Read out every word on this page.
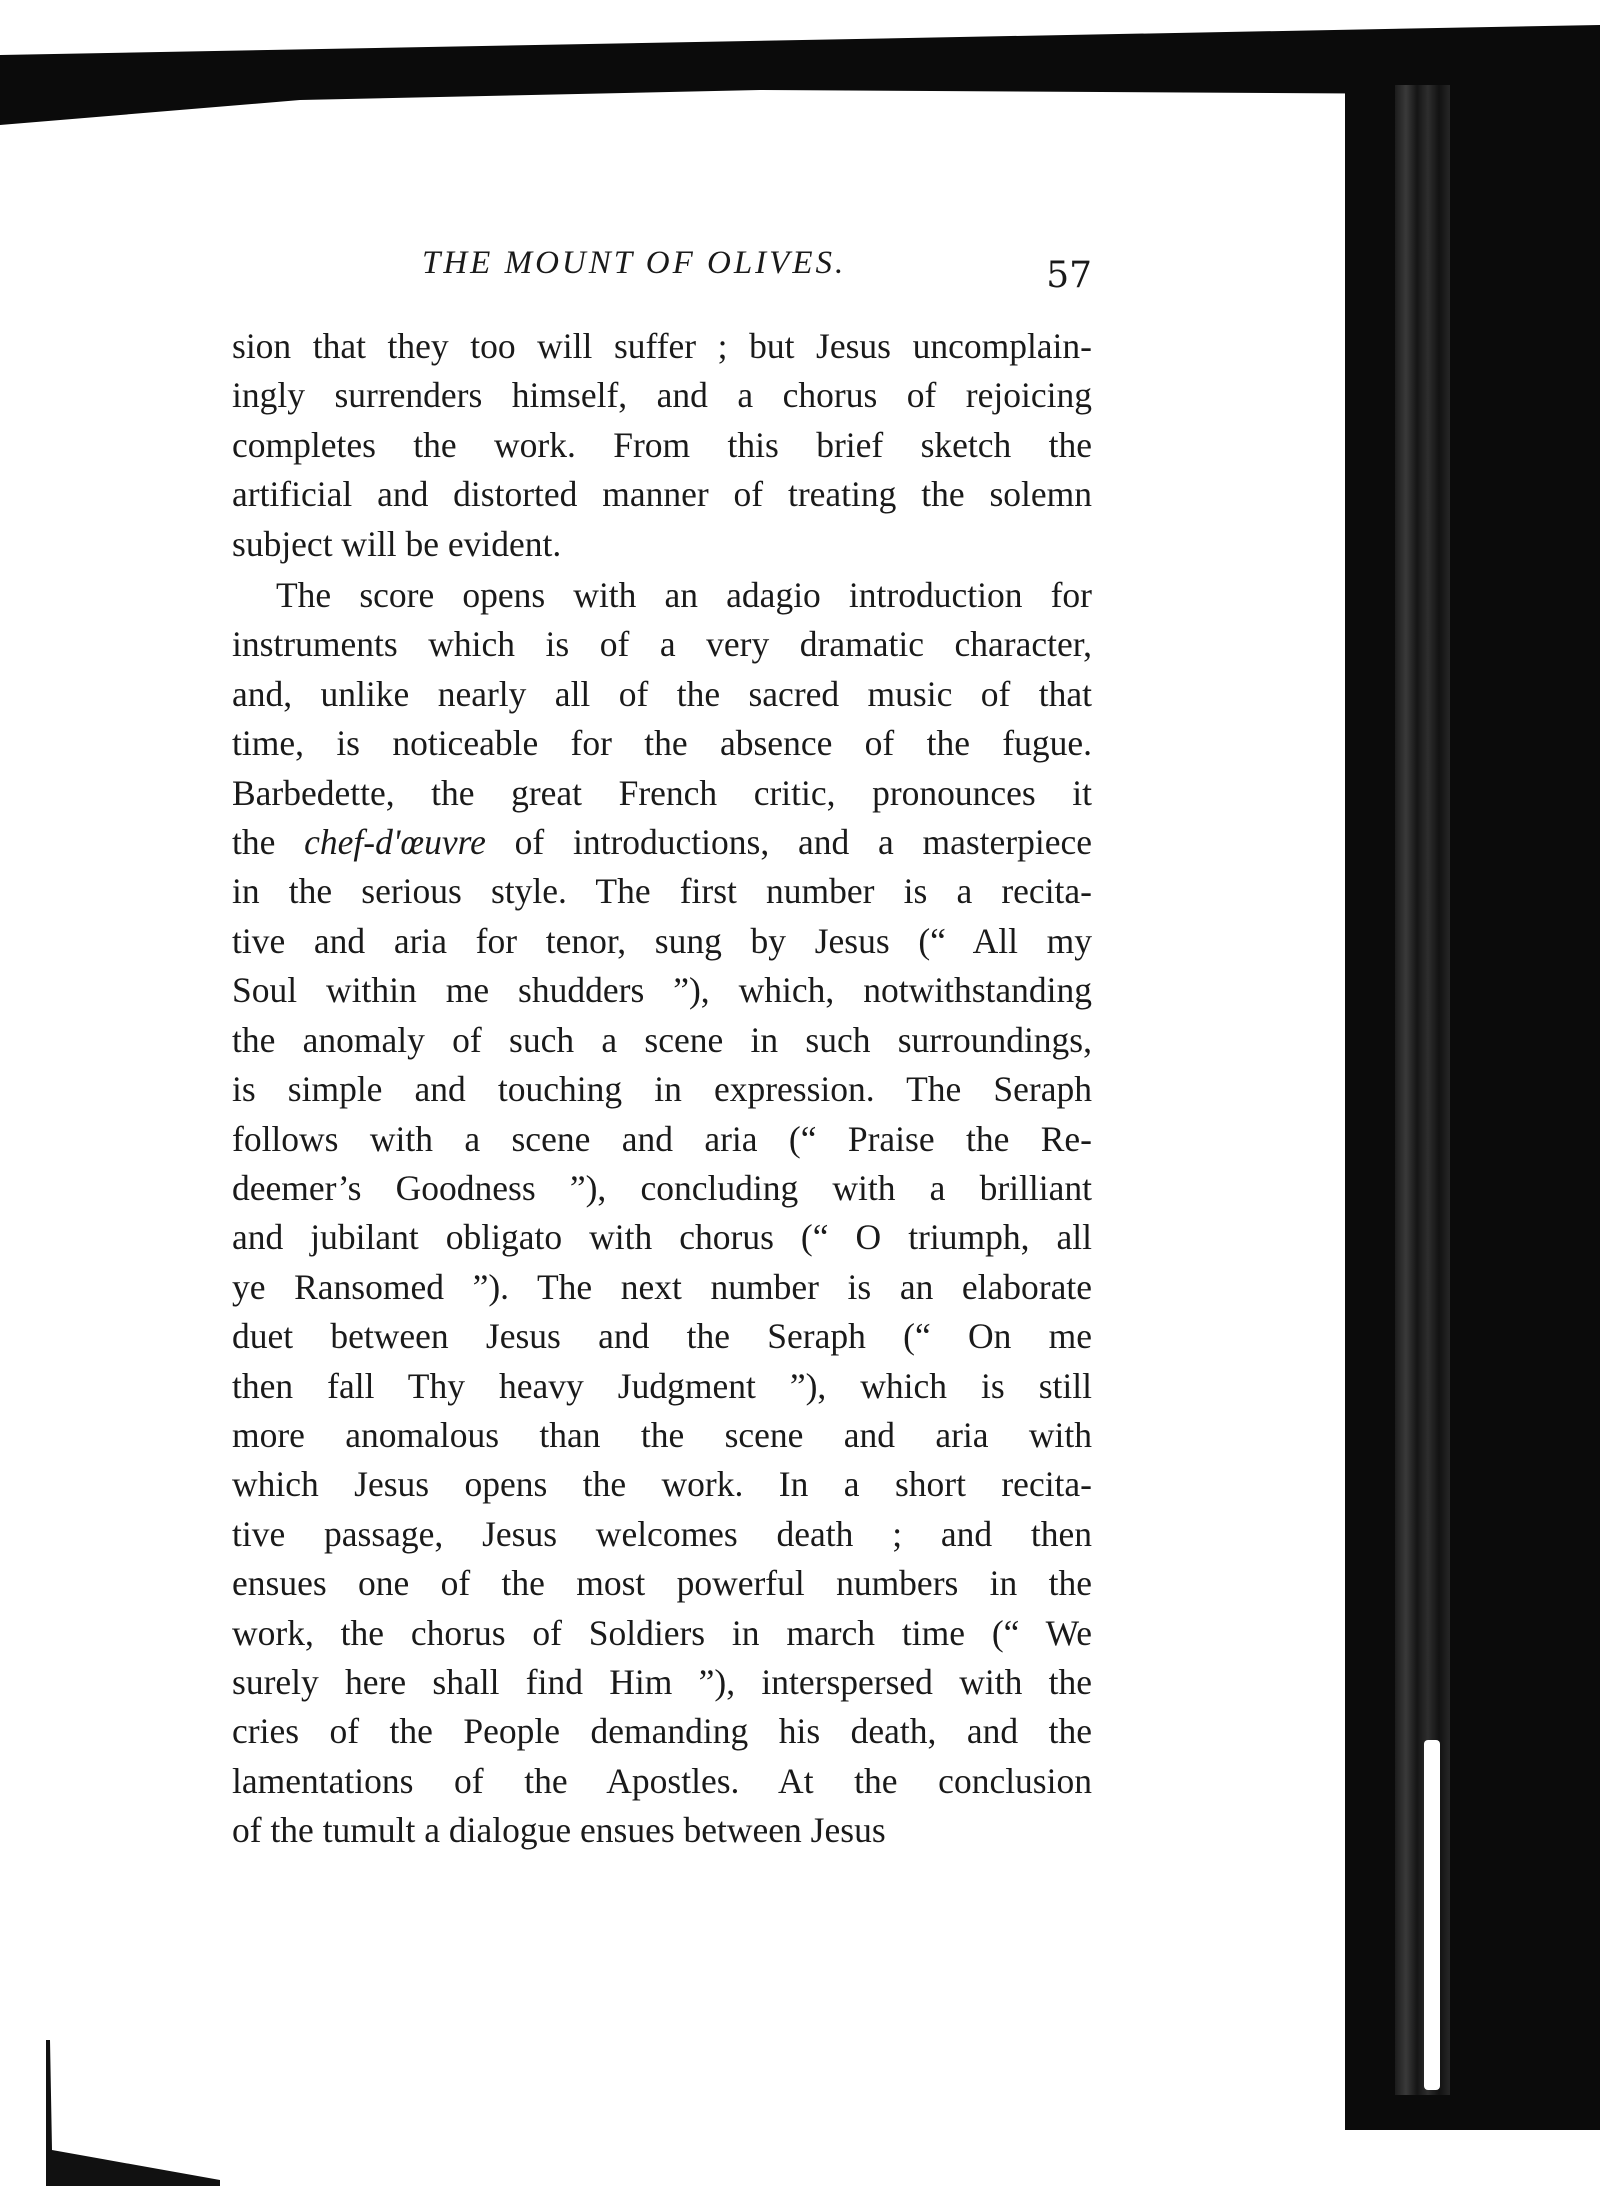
THE MOUNT OF OLIVES.	57

sion that they too will suffer ; but Jesus uncomplain-
ingly surrenders himself, and a chorus of rejoicing
completes the work. From this brief sketch the
artificial and distorted manner of treating the solemn
subject will be evident.

The score opens with an adagio introduction for
instruments which is of a very dramatic character,
and, unlike nearly all of the sacred music of that
time, is noticeable for the absence of the fugue.
Barbedette, the great French critic, pronounces it
the chef-d'œuvre of introductions, and a masterpiece
in the serious style. The first number is a recita-
tive and aria for tenor, sung by Jesus (“ All my
Soul within me shudders ”), which, notwithstanding
the anomaly of such a scene in such surroundings,
is simple and touching in expression. The Seraph
follows with a scene and aria (“ Praise the Re-
deemer’s Goodness ”), concluding with a brilliant
and jubilant obligato with chorus (“ O triumph, all
ye Ransomed ”). The next number is an elaborate
duet between Jesus and the Seraph (“ On me
then fall Thy heavy Judgment ”), which is still
more anomalous than the scene and aria with
which Jesus opens the work. In a short recita-
tive passage, Jesus welcomes death ; and then
ensues one of the most powerful numbers in the
work, the chorus of Soldiers in march time (“ We
surely here shall find Him ”), interspersed with the
cries of the People demanding his death, and the
lamentations of the Apostles. At the conclusion
of the tumult a dialogue ensues between Jesus
